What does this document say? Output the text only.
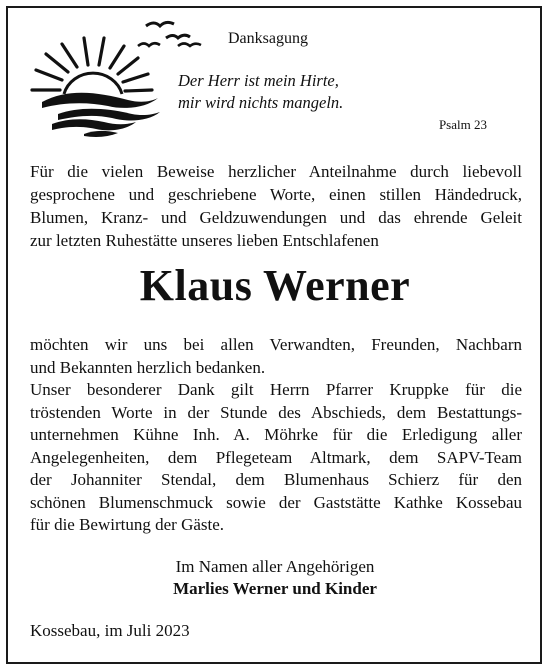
Danksagung
Der Herr ist mein Hirte,
mir wird nichts mangeln.
Psalm 23
Für die vielen Beweise herzlicher Anteilnahme durch liebevoll
gesprochene und geschriebene Worte, einen stillen Händedruck,
Blumen, Kranz- und Geldzuwendungen und das ehrende Geleit
zur letzten Ruhestätte unseres lieben Entschlafenen
Klaus Werner
möchten wir uns bei allen Verwandten, Freunden, Nachbarn
und Bekannten herzlich bedanken.
Unser besonderer Dank gilt Herrn Pfarrer Kruppke für die
tröstenden Worte in der Stunde des Abschieds, dem Bestattungs-
unternehmen Kühne Inh. A. Möhrke für die Erledigung aller
Angelegenheiten, dem Pflegeteam Altmark, dem SAPV-Team
der Johanniter Stendal, dem Blumenhaus Schierz für den
schönen Blumenschmuck sowie der Gaststätte Kathke Kossebau
für die Bewirtung der Gäste.
Im Namen aller Angehörigen
Marlies Werner und Kinder
Kossebau, im Juli 2023
